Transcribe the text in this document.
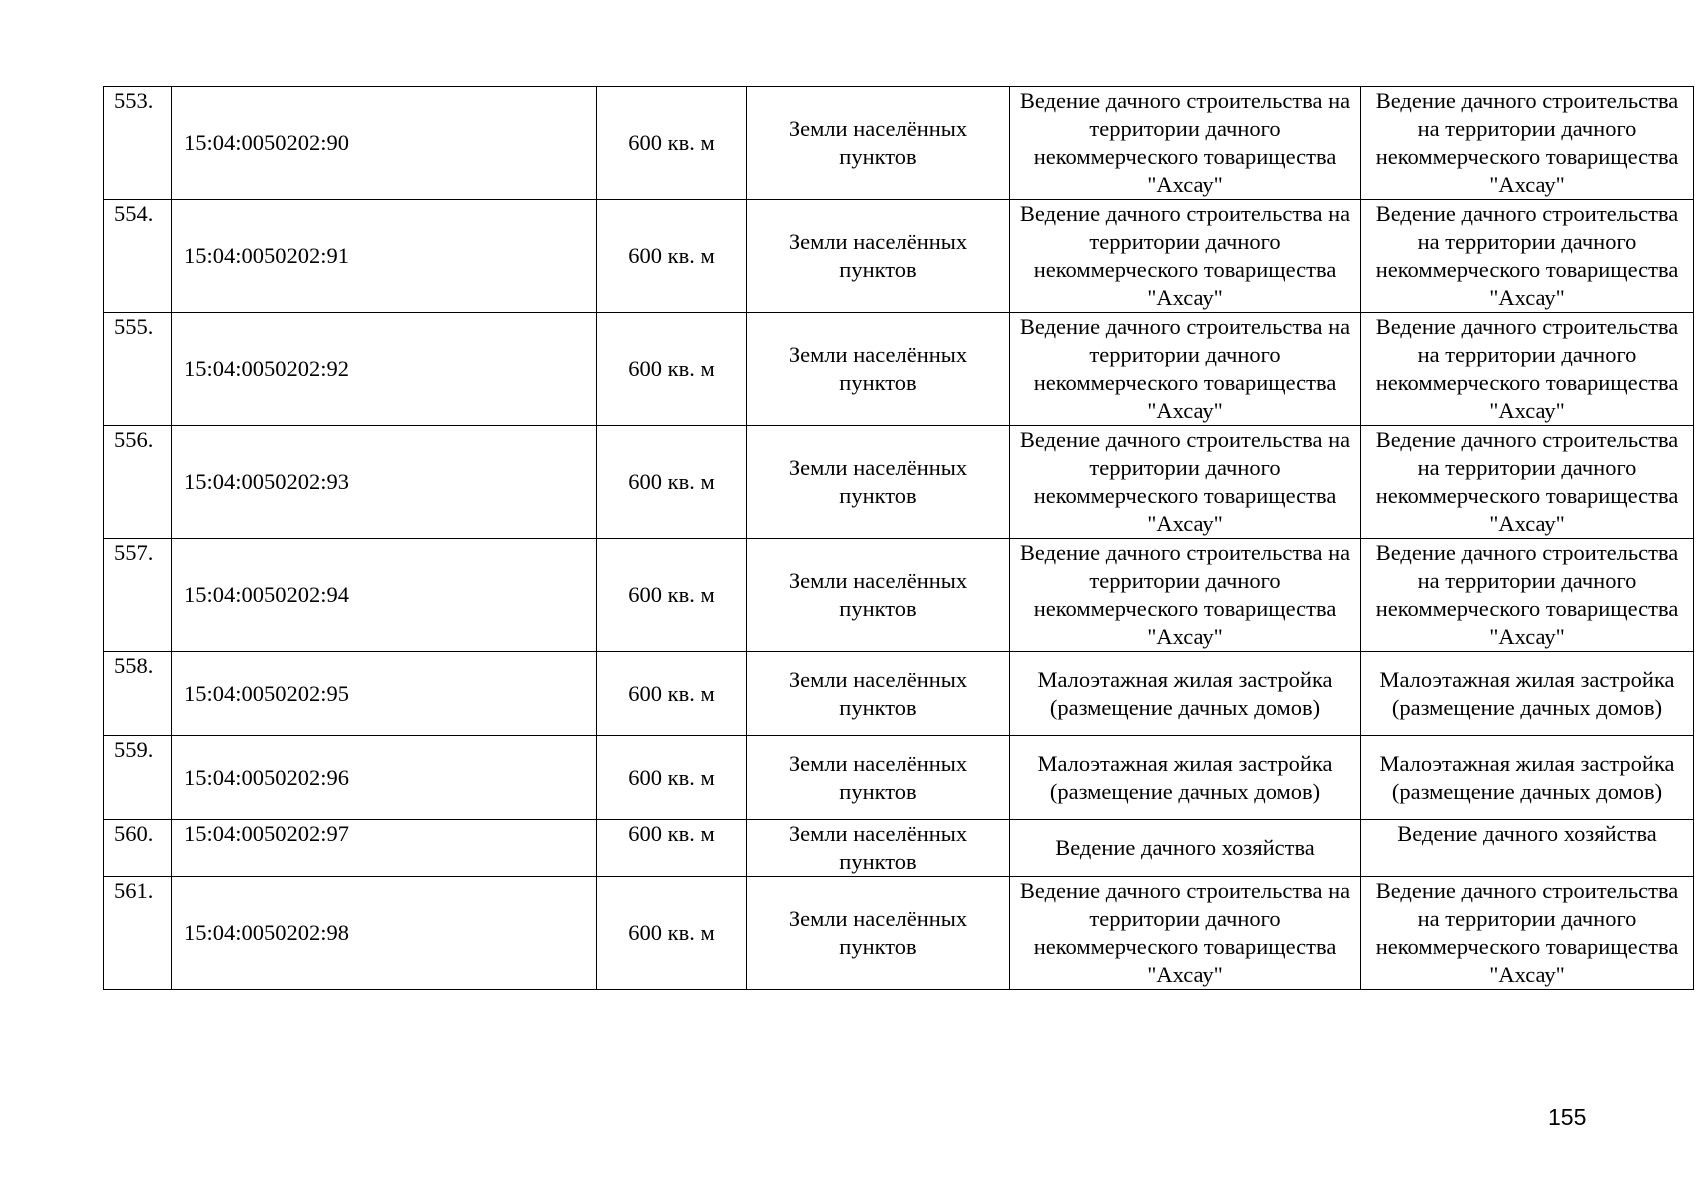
553.	15:04:0050202:90	600 кв. м	Земли населённых пунктов	Ведение дачного строительства на территории дачного некоммерческого товарищества "Ахсау"	Ведение дачного строительства на территории дачного некоммерческого товарищества "Ахсау"
554.	15:04:0050202:91	600 кв. м	Земли населённых пунктов	Ведение дачного строительства на территории дачного некоммерческого товарищества "Ахсау"	Ведение дачного строительства на территории дачного некоммерческого товарищества "Ахсау"
555.	15:04:0050202:92	600 кв. м	Земли населённых пунктов	Ведение дачного строительства на территории дачного некоммерческого товарищества "Ахсау"	Ведение дачного строительства на территории дачного некоммерческого товарищества "Ахсау"
556.	15:04:0050202:93	600 кв. м	Земли населённых пунктов	Ведение дачного строительства на территории дачного некоммерческого товарищества "Ахсау"	Ведение дачного строительства на территории дачного некоммерческого товарищества "Ахсау"
557.	15:04:0050202:94	600 кв. м	Земли населённых пунктов	Ведение дачного строительства на территории дачного некоммерческого товарищества "Ахсау"	Ведение дачного строительства на территории дачного некоммерческого товарищества "Ахсау"
558.	15:04:0050202:95	600 кв. м	Земли населённых пунктов	Малоэтажная жилая застройка (размещение дачных домов)	Малоэтажная жилая застройка (размещение дачных домов)
559.	15:04:0050202:96	600 кв. м	Земли населённых пунктов	Малоэтажная жилая застройка (размещение дачных домов)	Малоэтажная жилая застройка (размещение дачных домов)
560.	15:04:0050202:97	600 кв. м	Земли населённых пунктов	Ведение дачного хозяйства	Ведение дачного хозяйства
561.	15:04:0050202:98	600 кв. м	Земли населённых пунктов	Ведение дачного строительства на территории дачного некоммерческого товарищества "Ахсау"	Ведение дачного строительства на территории дачного некоммерческого товарищества "Ахсау"
155
